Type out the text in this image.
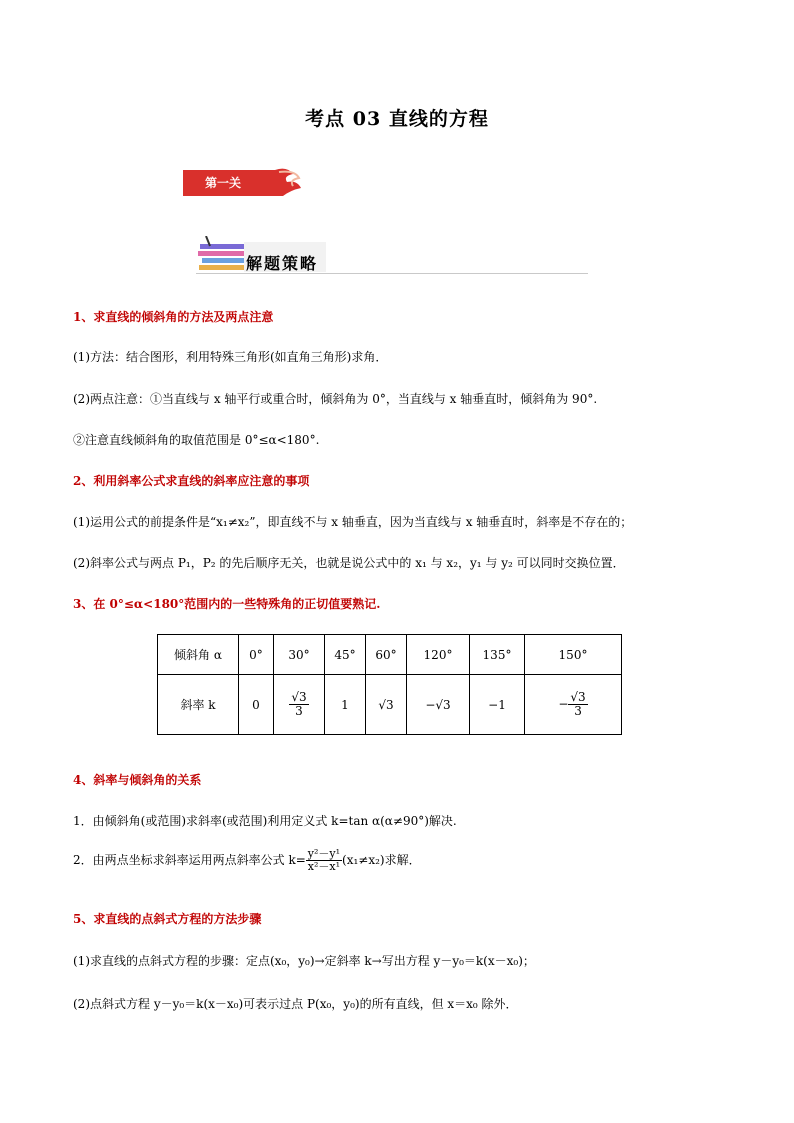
考点 03 直线的方程
第一关
解题策略
1、求直线的倾斜角的方法及两点注意
(1)方法：结合图形，利用特殊三角形(如直角三角形)求角．
(2)两点注意：①当直线与 x 轴平行或重合时，倾斜角为 0°，当直线与 x 轴垂直时，倾斜角为 90°.
②注意直线倾斜角的取值范围是 0°≤α<180°.
2、利用斜率公式求直线的斜率应注意的事项
(1)运用公式的前提条件是“x₁≠x₂”，即直线不与 x 轴垂直，因为当直线与 x 轴垂直时，斜率是不存在的；
(2)斜率公式与两点 P₁，P₂ 的先后顺序无关，也就是说公式中的 x₁ 与 x₂，y₁ 与 y₂ 可以同时交换位置．
3、在 0°≤α<180°范围内的一些特殊角的正切值要熟记.
倾斜角 α	0°	30°	45°	60°	120°	135°	150°
斜率 k	0	$\frac{√3}{3}$	1	√3	−√3	−1	− $\frac{√3}{3}$
4、斜率与倾斜角的关系
1．由倾斜角(或范围)求斜率(或范围)利用定义式 k=tan α(α≠90°)解决.
2．由两点坐标求斜率运用两点斜率公式 $k= \frac{\text{y²－y¹}}{\text{x²－x¹}}(x_1\ne x_2)$求解．
5、求直线的点斜式方程的方法步骤
(1)求直线的点斜式方程的步骤：定点(x₀，y₀)→定斜率 k→写出方程 y－y₀＝k(x－x₀)；
(2)点斜式方程 y－y₀＝k(x－x₀)可表示过点 P(x₀，y₀)的所有直线，但 x＝x₀ 除外．
